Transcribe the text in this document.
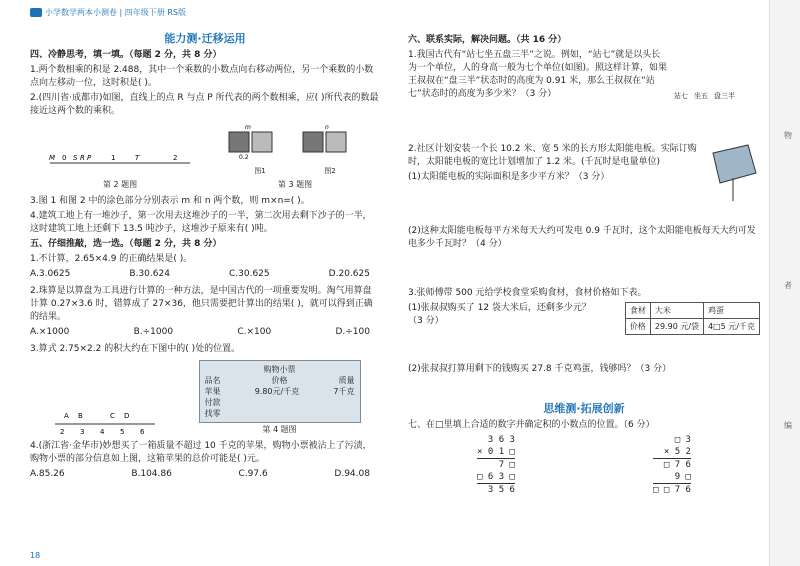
小学数学两本小测卷 | 四年级下册 RS版
能力测·迁移运用
四、冷静思考，填一填。（每题 2 分，共 8 分）
1.两个数相乘的积是 2.488，其中一个乘数的小数点向右移动两位，另一个乘数的小数点向左移动一位，这时积是( )。
2.(四川省·成都市)如图，直线上的点 R 与点 P 所代表的两个数相乘，应( )所代表的数最接近这两个数的乘积。
M 0 S R P	1	T	2
第 2 题图
m
0.2
n
图1	图2
第 3 题图
3.图 1 和图 2 中的涂色部分分别表示 m 和 n 两个数，则 m×n=( )。
4.建筑工地上有一堆沙子，第一次用去这堆沙子的一半，第二次用去剩下沙子的一半，这时建筑工地上还剩下 13.5 吨沙子，这堆沙子原来有( )吨。
五、仔细推敲，选一选。（每题 2 分，共 8 分）
1.不计算，2.65×4.9 的正确结果是( )。
A.3.0625	B.30.624	C.30.625	D.20.625
2.珠算是以算盘为工具进行计算的一种方法，是中国古代的一项重要发明。淘气用算盘计算 0.27×3.6 时，错算成了 27×36，他只需要把计算出的结果( )，就可以得到正确的结果。
A.×1000	B.÷1000	C.×100	D.÷100
3.算式 2.75×2.2 的积大约在下图中的( )处的位置。
A B	C D
2 3 4 5 6
购物小票
品名	价格	质量
苹果	9.80元/千克	7千克
付款
找零
第 4 题图
4.(浙江省·金华市)妙想买了一箱质量不超过 10 千克的苹果，购物小票被沾上了污渍，购物小票的部分信息如上图，这箱苹果的总价可能是( )元。
A.85.26	B.104.86	C.97.6	D.94.08
六、联系实际，解决问题。（共 16 分）
1.我国古代有“站七坐五盘三半”之说。例如，“站七”就是以头长为一个单位，人的身高一般为七个单位(如图)。照这样计算，如果王叔叔在“盘三半”状态时的高度为 0.91 米，那么王叔叔在“站七”状态时的高度为多少米？（3 分）	站七 坐五 盘三半
2.社区计划安装一个长 10.2 米、宽 5 米的长方形太阳能电板。实际订购时，太阳能电板的宽比计划增加了 1.2 米。(千瓦时是电量单位)
(1)太阳能电板的实际面积是多少平方米？（3 分）
(2)这种太阳能电板每平方米每天大约可发电 0.9 千瓦时，这个太阳能电板每天大约可发电多少千瓦时？（4 分）
3.张师傅带 500 元给学校食堂采购食材，食材价格如下表。
(1)张叔叔购买了 12 袋大米后，还剩多少元？（3 分）
食材	大米	鸡蛋
价格	29.90 元/袋	4□5 元/千克
(2)张叔叔打算用剩下的钱购买 27.8 千克鸡蛋，钱够吗？（3 分）
思维测·拓展创新
七、在□里填上合适的数字并确定积的小数点的位置。（6 分）
3 6 3
× 0 1 □
7 □
□ 6 3 □
3 5 6
□ 3
× 5 2
□ 7 6
9 □
□ □ 7 6
物
者
编
18
